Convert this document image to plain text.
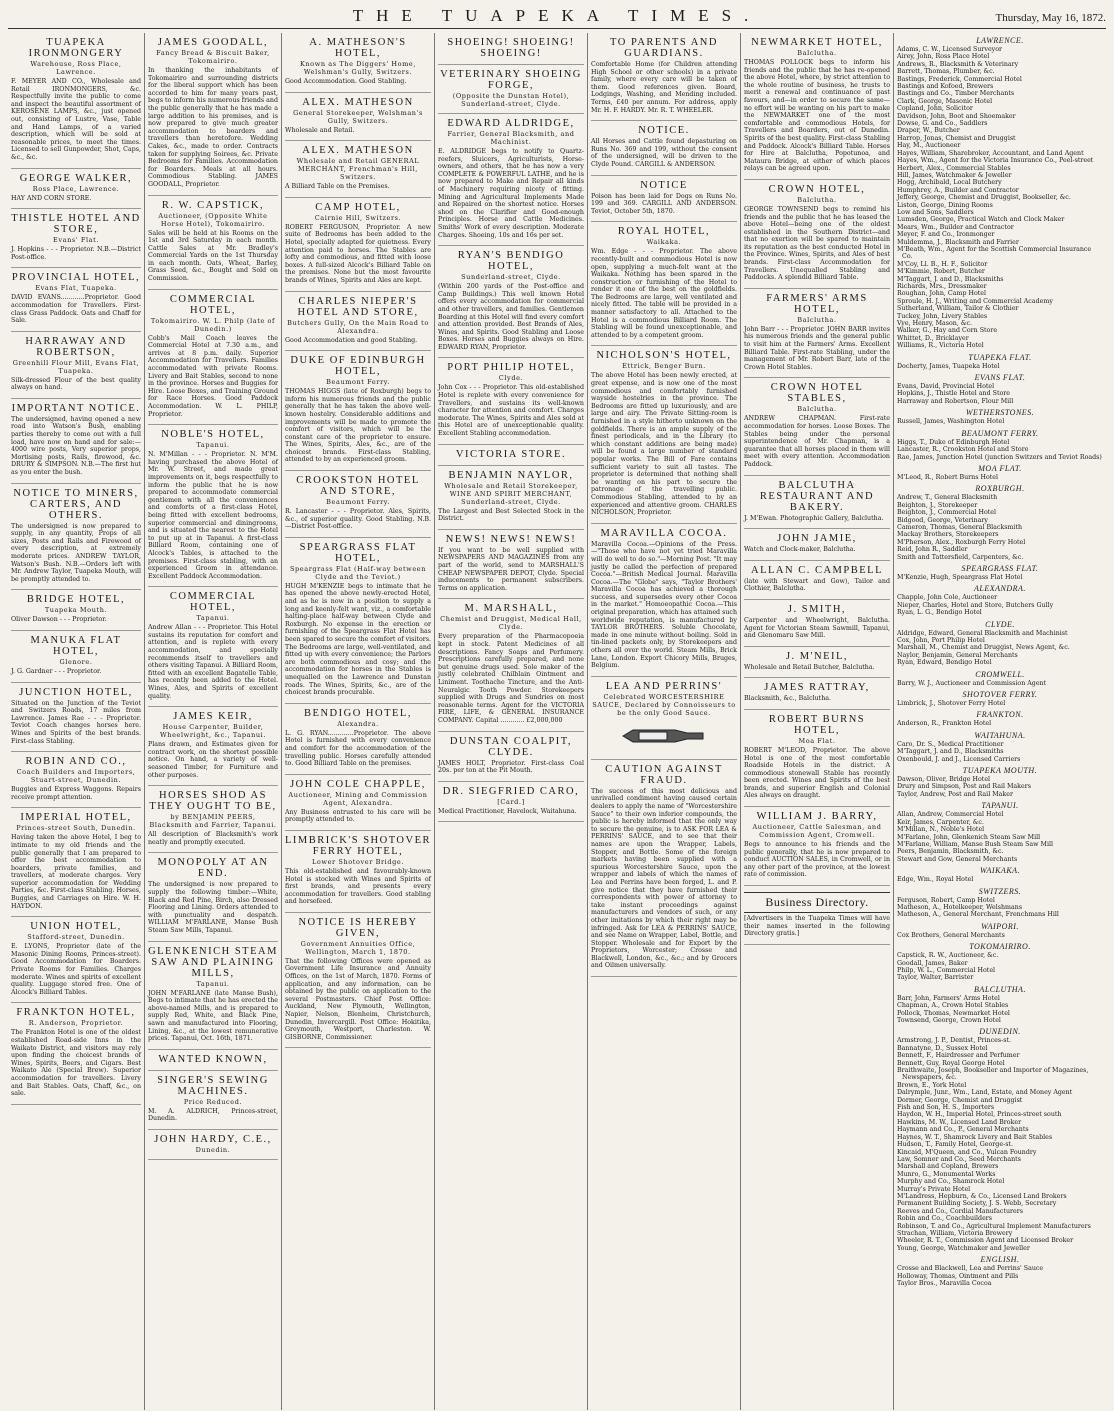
THE TUAPEKA TIMES.	Thursday, May 16, 1872.
TUAPEKA IRONMONGERY
Warehouse, Ross Place, Lawrence.
F. MEYER AND CO., Wholesale and Retail IRONMONGERS, &c. Respectfully invite the public to come and inspect the beautiful assortment of KEROSENE LAMPS, &c., just opened out, consisting of Lustre, Vase, Table and Hand Lamps, of a varied description, which will be sold at reasonable prices, to meet the times. Licensed to sell Gunpowder, Shot, Caps, &c., &c.
GEORGE WALKER,
Ross Place, Lawrence.
HAY AND CORN STORE.
THISTLE HOTEL AND STORE,
Evans' Flat.
J. Hopkins - - - Proprietor. N.B.—District Post-office.
PROVINCIAL HOTEL,
Evans Flat, Tuapeka.
DAVID EVANS............Proprietor. Good accommodation for Travellers. First-class Grass Paddock. Oats and Chaff for Sale.
HARRAWAY AND ROBERTSON,
Greenhill Flour Mill, Evans Flat, Tuapeka.
Silk-dressed Flour of the best quality always on hand.
IMPORTANT NOTICE.
The undersigned, having opened a new road into Watson's Bush, enabling parties thereby to come out with a full load, have now on hand and for sale:— 4000 wire posts, Very superior props, Mortising posts, Rails, firewood, &c. DRURY & SIMPSON. N.B.—The first hut as you enter the bush.
NOTICE TO MINERS, CARTERS, AND OTHERS.
The undersigned is now prepared to supply, in any quantity, Props of all sizes, Posts and Rails and Firewood of every description, at extremely moderate prices. ANDREW TAYLOR, Watson's Bush. N.B.—Orders left with Mr. Andrew Taylor, Tuapeka Mouth, will be promptly attended to.
BRIDGE HOTEL,
Tuapeka Mouth.
Oliver Dawson - - - Proprietor.
MANUKA FLAT HOTEL,
Glenore.
J. G. Gardner - - - Proprietor.
JUNCTION HOTEL,
Situated on the Junction of the Teviot and Switzers Roads, 17 miles from Lawrence. James Rae - - - Proprietor. Teviot Coach changes horses here. Wines and Spirits of the best brands. First-class Stabling.
ROBIN AND CO.,
Coach Builders and Importers, Stuart-street, Dunedin.
Buggies and Express Waggons. Repairs receive prompt attention.
IMPERIAL HOTEL,
Princes-street South, Dunedin.
Having taken the above Hotel, I beg to intimate to my old friends and the public generally that I am prepared to offer the best accommodation to boarders, private families, and travellers, at moderate charges. Very superior accommodation for Wedding Parties, &c. First-class Stabling. Horses, Buggies, and Carriages on Hire. W. H. HAYDON.
UNION HOTEL,
Stafford-street, Dunedin.
E. LYONS, Proprietor (late of the Masonic Dining Rooms, Princes-street). Good Accommodation for Boarders. Private Rooms for Families. Charges moderate. Wines and spirits of excellent quality. Luggage stored free. One of Alcock's Billiard Tables.
FRANKTON HOTEL,
R. Anderson, Proprietor.
The Frankton Hotel is one of the oldest established Road-side Inns in the Waikato District, and visitors may rely upon finding the choicest brands of Wines, Spirits, Beers, and Cigars. Best Waikato Ale (Special Brew). Superior accommodation for travellers. Livery and Bait Stables. Oats, Chaff, &c., on sale.
JAMES GOODALL,
Fancy Bread & Biscuit Baker, Tokomairiro.
In thanking the inhabitants of Tokomairiro and surrounding districts for the liberal support which has been accorded to him for many years past, begs to inform his numerous friends and the public generally that he has made a large addition to his premises, and is now prepared to give much greater accommodation to boarders and travellers than heretofore. Wedding Cakes, &c., made to order. Contracts taken for supplying Soirees, &c. Private Bedrooms for Families. Accommodation for Boarders. Meals at all hours. Commodious Stabling. JAMES GOODALL, Proprietor.
R. W. CAPSTICK,
Auctioneer, (Opposite White Horse Hotel), Tokomairiro.
Sales will be held at his Rooms on the 1st and 3rd Saturday in each month. Cattle Sales at Mr. Bradley's Commercial Yards on the 1st Thursday in each month. Oats, Wheat, Barley, Grass Seed, &c., Bought and Sold on Commission.
COMMERCIAL HOTEL,
Tokomairiro. W. L. Philp (late of Dunedin.)
Cobb's Mail Coach leaves the Commercial Hotel at 7.30 a.m., and arrives at 8 p.m. daily. Superior Accommodation for Travellers. Families accommodated with private Rooms. Livery and Bait Stables, second to none in the province. Horses and Buggies for Hire. Loose Boxes, and Training Ground for Race Horses. Good Paddock Accommodation. W. L. PHILP, Proprietor.
NOBLE'S HOTEL,
Tapanui.
N. M'Millan - - - Proprietor. N. M'M. having purchased the above Hotel of Mr. W. Street, and made great improvements on it, begs respectfully to inform the public that he is now prepared to accommodate commercial gentlemen with all the conveniences and comforts of a first-class Hotel, being fitted with excellent bedrooms, superior commercial and diningrooms, and is situated the nearest to the Hotel to put up at in Tapanui. A first-class Billiard Room, containing one of Alcock's Tables, is attached to the premises. First-class stabling, with an experienced Groom in attendance. Excellent Paddock Accommodation.
COMMERCIAL HOTEL,
Tapanui.
Andrew Allan - - - Proprietor. This Hotel sustains its reputation for comfort and attention, and is replete with every accommodation, and specially recommends itself to travellers and others visiting Tapanui. A Billiard Room, fitted with an excellent Bagatelle Table, has recently been added to the Hotel. Wines, Ales, and Spirits of excellent quality.
JAMES KEIR,
House Carpenter, Builder, Wheelwright, &c., Tapanui.
Plans drawn, and Estimates given for contract work, on the shortest possible notice. On hand, a variety of well-seasoned Timber, for Furniture and other purposes.
HORSES SHOD AS THEY OUGHT TO BE,
by BENJAMIN PEERS, Blacksmith and Farrier, Tapanui.
All description of Blacksmith's work neatly and promptly executed.
MONOPOLY AT AN END.
The undersigned is now prepared to supply the following timber:—White, Black and Red Pine, Birch, also Dressed Flooring and Lining. Orders attended to with punctuality and despatch. WILLIAM M'FARLANE, Manse Bush Steam Saw Mills, Tapanui.
GLENKENICH STEAM SAW AND PLAINING MILLS,
Tapanui.
JOHN M'FARLANE (late Manse Bush), Begs to intimate that he has erected the above-named Mills, and is prepared to supply Red, White, and Black Pine, sawn and manufactured into Flooring, Lining, &c., at the lowest remunerative prices. Tapanui, Oct. 16th, 1871.
WANTED KNOWN,
SINGER'S SEWING MACHINES.
Price Reduced.
M. A. ALDRICH, Princes-street, Dunedin.
JOHN HARDY, C.E.,
Dunedin.
A. MATHESON'S HOTEL,
Known as The Diggers' Home, Welshman's Gully, Switzers.
Good Accommodation. Good Stabling.
ALEX. MATHESON
General Storekeeper, Welshman's Gully, Switzers.
Wholesale and Retail.
ALEX. MATHESON
Wholesale and Retail GENERAL MERCHANT, Frenchman's Hill, Switzers.
A Billiard Table on the Premises.
CAMP HOTEL,
Cairnie Hill, Switzers.
ROBERT FERGUSON, Proprietor. A new suite of Bedrooms has been added to the Hotel, specially adapted for quietness. Every attention paid to horses. The Stables are lofty and commodious, and fitted with loose boxes. A full-sized Alcock's Billiard Table on the premises. None but the most favourite brands of Wines, Spirits and Ales are kept.
CHARLES NIEPER'S HOTEL AND STORE,
Butchers Gully, On the Main Road to Alexandra.
Good Accommodation and good Stabling.
DUKE OF EDINBURGH HOTEL,
Beaumont Ferry.
THOMAS HIGGS (late of Roxburgh) begs to inform his numerous friends and the public generally that he has taken the above well-known hostelry. Considerable additions and improvements will be made to promote the comfort of visitors, which will be the constant care of the proprietor to ensure. The Wines, Spirits, Ales, &c., are of the choicest brands. First-class Stabling, attended to by an experienced groom.
CROOKSTON HOTEL AND STORE,
Beaumont Ferry.
R. Lancaster - - - Proprietor. Ales, Spirits, &c., of superior quality. Good Stabling. N.B.—District Post-office.
SPEARGRASS FLAT HOTEL,
Speargrass Flat (Half-way between Clyde and the Teviot.)
HUGH M'KENZIE begs to intimate that he has opened the above newly-erected Hotel, and as he is now in a position to supply a long and keenly-felt want, viz., a comfortable halting-place half-way between Clyde and Roxburgh. No expense in the erection or furnishing of the Speargrass Flat Hotel has been spared to secure the comfort of visitors. The Bedrooms are large, well-ventilated, and fitted up with every convenience; the Parlors are both commodious and cosy; and the accommodation for horses in the Stables is unequalled on the Lawrence and Dunstan roads. The Wines, Spirits, &c., are of the choicest brands procurable.
BENDIGO HOTEL,
Alexandra.
L. G. RYAN.............Proprietor. The above Hotel is furnished with every convenience and comfort for the accommodation of the travelling public. Horses carefully attended to. Good Billiard Table on the premises.
JOHN COLE CHAPPLE,
Auctioneer, Mining and Commission Agent, Alexandra.
Any Business entrusted to his care will be promptly attended to.
LIMBRICK'S SHOTOVER FERRY HOTEL,
Lower Shotover Bridge.
This old-established and favourably-known Hotel is stocked with Wines and Spirits of first brands, and presents every accommodation for travellers. Good stabling and horsefeed.
NOTICE IS HEREBY GIVEN,
Government Annuities Office, Wellington, March 1, 1870.
That the following Offices were opened as Government Life Insurance and Annuity Offices, on the 1st of March, 1870. Forms of application, and any information, can be obtained by the public on application to the several Postmasters. Chief Post Office: Auckland, New Plymouth, Wellington, Napier, Nelson, Blenheim, Christchurch, Dunedin, Invercargill. Post Office: Hokitika, Greymouth, Westport, Charleston. W. GISBORNE, Commissioner.
SHOEING! SHOEING! SHOEING!
VETERINARY SHOEING FORGE,
(Opposite the Dunstan Hotel), Sunderland-street, Clyde.
EDWARD ALDRIDGE,
Farrier, General Blacksmith, and Machinist.
E. ALDRIDGE begs to notify to Quartz-reefers, Sluicers, Agriculturists, Horse-owners, and others, that he has now a very COMPLETE & POWERFUL LATHE, and he is now prepared to Make and Repair all kinds of Machinery requiring nicety of fitting. Mining and Agricultural Implements Made and Repaired on the shortest notice. Horses shod on the Clarifier and Good-enough Principles. Horse and Cattle Medicines. Smiths' Work of every description. Moderate Charges. Shoeing, 10s and 16s per set.
RYAN'S BENDIGO HOTEL,
Sunderland-street, Clyde.
(Within 200 yards of the Post-office and Camp Buildings.) This well known Hotel offers every accommodation for commercial and other travellers, and families. Gentlemen Boarding at this Hotel will find every comfort and attention provided. Best Brands of Ales, Wines, and Spirits. Good Stabling and Loose Boxes. Horses and Buggies always on Hire. EDWARD RYAN, Proprietor.
PORT PHILIP HOTEL,
Clyde.
John Cox - - - Proprietor. This old-established Hotel is replete with every convenience for Travellers, and sustains its well-known character for attention and comfort. Charges moderate. The Wines, Spirits and Ales sold at this Hotel are of unexceptionable quality. Excellent Stabling accommodation.
VICTORIA STORE.
BENJAMIN NAYLOR,
Wholesale and Retail Storekeeper, WINE AND SPIRIT MERCHANT, Sunderland-street, Clyde.
The Largest and Best Selected Stock in the District.
NEWS! NEWS! NEWS!
If you want to be well supplied with NEWSPAPERS AND MAGAZINES from any part of the world, send to MARSHALL'S CHEAP NEWSPAPER DEPOT, Clyde. Special inducements to permanent subscribers. Terms on application.
M. MARSHALL,
Chemist and Druggist, Medical Hall, Clyde.
Every preparation of the Pharmacopoeia kept in stock. Patent Medicines of all descriptions. Fancy Soaps and Perfumery. Prescriptions carefully prepared, and none but genuine drugs used. Sole maker of the justly celebrated Chilblain Ointment and Liniment. Toothache Tincture, and the Anti-Neuralgic Tooth Powder. Storekeepers supplied with Drugs and Sundries on most reasonable terms. Agent for the VICTORIA FIRE, LIFE, & GENERAL INSURANCE COMPANY. Capital ............ £2,000,000
DUNSTAN COALPIT, CLYDE.
JAMES HOLT, Proprietor. First-class Coal 20s. per ton at the Pit Mouth.
DR. SIEGFRIED CARO,
[Card.]
Medical Practitioner, Havelock, Waitahuna.
TO PARENTS AND GUARDIANS.
Comfortable Home (for Children attending High School or other schools) in a private family, where every care will be taken of them. Good references given. Board, Lodgings, Washing, and Mending included. Terms, £40 per annum. For address, apply Mr. H. F. HARDY. Mr. R. T. WHEELER.
NOTICE.
All Horses and Cattle found depasturing on Runs No. 369 and 199, without the consent of the undersigned, will be driven to the Clyde Pound. CARGILL & ANDERSON.
NOTICE
Poison has been laid for Dogs on Runs No. 199 and 369. CARGILL AND ANDERSON. Teviot, October 5th, 1870.
ROYAL HOTEL,
Waikaka.
Wm. Edge - - - Proprietor. The above recently-built and commodious Hotel is now open, supplying a much-felt want at the Waikaka. Nothing has been spared in the construction or furnishing of the Hotel to render it one of the best on the goldfields. The Bedrooms are large, well ventilated and nicely fitted. The table will be provided in a manner satisfactory to all. Attached to the Hotel is a commodious Billiard Room. The Stabling will be found unexceptionable, and attended to by a competent groom.
NICHOLSON'S HOTEL,
Ettrick, Benger Burn.
The above Hotel has been newly erected, at great expense, and is now one of the most commodious and comfortably furnished wayside hostelries in the province. The Bedrooms are fitted up luxuriously, and are large and airy. The Private Sitting-room is furnished in a style hitherto unknown on the goldfields. There is an ample supply of the finest periodicals, and in the Library (to which constant additions are being made) will be found a large number of standard popular works. The Bill of Fare contains sufficient variety to suit all tastes. The proprietor is determined that nothing shall be wanting on his part to secure the patronage of the travelling public. Commodious Stabling, attended to by an experienced and attentive groom. CHARLES NICHOLSON, Proprietor.
MARAVILLA COCOA.
Maravilla Cocoa.—Opinions of the Press.—"Those who have not yet tried Maravilla will do well to do so."—Morning Post. "It may justly be called the perfection of prepared Cocoa."—British Medical Journal. Maravilla Cocoa.—The "Globe" says, "Taylor Brothers' Maravilla Cocoa has achieved a thorough success, and supersedes every other Cocoa in the market." Homoeopathic Cocoa.—This original preparation, which has attained such worldwide reputation, is manufactured by TAYLOR BROTHERS. Soluble Chocolate, made in one minute without boiling. Sold in tin-lined packets only, by Storekeepers and others all over the world. Steam Mills, Brick Lane, London. Export Chicory Mills, Bruges, Belgium.
LEA AND PERRINS'
Celebrated WORCESTERSHIRE SAUCE, Declared by Connoisseurs to be the only Good Sauce.
CAUTION AGAINST FRAUD.
The success of this most delicious and unrivalled condiment having caused certain dealers to apply the name of "Worcestershire Sauce" to their own inferior compounds, the public is hereby informed that the only way to secure the genuine, is to ASK FOR LEA & PERRINS' SAUCE, and to see that their names are upon the Wrapper, Labels, Stopper, and Bottle. Some of the foreign markets having been supplied with a spurious Worcestershire Sauce, upon the wrapper and labels of which the names of Lea and Perrins have been forged, L. and P. give notice that they have furnished their correspondents with power of attorney to take instant proceedings against manufacturers and vendors of such, or any other imitations by which their right may be infringed. Ask for LEA & PERRINS' SAUCE, and see Name on Wrapper, Label, Bottle, and Stopper. Wholesale and for Export by the Proprietors, Worcester; Crosse and Blackwell, London, &c., &c.; and by Grocers and Oilmen universally.
NEWMARKET HOTEL,
Balclutha.
THOMAS POLLOCK begs to inform his friends and the public that he has re-opened the above Hotel, where, by strict attention to the whole routine of business, he trusts to merit a renewal and continuance of past favours, and—in order to secure the same—no effort will be wanting on his part to make the NEWMARKET one of the most comfortable and commodious Hotels, for Travellers and Boarders, out of Dunedin. Spirits of the best quality. First-class Stabling and Paddock. Alcock's Billiard Table. Horses for Hire at Balclutha, Popotunoa, and Mataura Bridge, at either of which places relays can be agreed upon.
CROWN HOTEL,
Balclutha.
GEORGE TOWNSEND begs to remind his friends and the public that he has leased the above Hotel—being one of the oldest established in the Southern District—and that no exertion will be spared to maintain its reputation as the best conducted Hotel in the Province. Wines, Spirits, and Ales of best brands. First-class Accommodation for Travellers. Unequalled Stabling and Paddocks. A splendid Billiard Table.
FARMERS' ARMS HOTEL,
Balclutha.
John Barr - - - Proprietor. JOHN BARR invites his numerous friends and the general public to visit him at the Farmers' Arms. Excellent Billiard Table. First-rate Stabling, under the management of Mr. Robert Barr, late of the Crown Hotel Stables.
CROWN HOTEL STABLES,
Balclutha.
ANDREW CHAPMAN. First-rate accommodation for horses. Loose Boxes. The Stables being under the personal superintendence of Mr. Chapman, is a guarantee that all horses placed in them will meet with every attention. Accommodation Paddock.
BALCLUTHA RESTAURANT AND BAKERY.
J. M'Ewan. Photographic Gallery, Balclutha.
JOHN JAMIE,
Watch and Clock-maker, Balclutha.
ALLAN C. CAMPBELL
(late with Stewart and Gow), Tailor and Clothier, Balclutha.
J. SMITH,
Carpenter and Wheelwright, Balclutha. Agent for Victorian Steam Sawmill, Tapanui, and Glenomaru Saw Mill.
J. M'NEIL,
Wholesale and Retail Butcher, Balclutha.
JAMES RATTRAY,
Blacksmith, &c., Balclutha.
ROBERT BURNS HOTEL,
Moa Flat.
ROBERT M'LEOD, Proprietor. The above Hotel is one of the most comfortable Roadside Hotels in the district. A commodious stonewall Stable has recently been erected. Wines and Spirits of the best brands, and superior English and Colonial Ales always on draught.
WILLIAM J. BARRY,
Auctioneer, Cattle Salesman, and Commission Agent, Cromwell.
Begs to announce to his friends and the public generally, that he is now prepared to conduct AUCTION SALES, in Cromwell, or in any other part of the province, at the lowest rate of commission.
Business Directory.
[Advertisers in the Tuapeka Times will have their names inserted in the following Directory gratis.]
LAWRENCE.
Adams, C. W., Licensed Surveyor
Airey, John, Ross Place Hotel
Andrews, R., Blacksmith & Veterinary
Barrett, Thomas, Plumber, &c.
Bastings, Frederick, Commercial Hotel
Bastings and Kofoed, Brewers
Bastings and Co., Timber Merchants
Clark, George, Masonic Hotel
Copland, John, Solicitor
Davidson, John, Boot and Shoemaker
Dowse, G. and Co., Saddlers
Draper, W., Butcher
Harrop, Jonas, Chemist and Druggist
Hay, M., Auctioneer
Hayes, William, Sharebroker, Accountant, and Land Agent
Hayes, Wm., Agent for the Victoria Insurance Co., Peel-street
Herbert, Alex., Commercial Stables
Hill, James, Watchmaker & Jeweller
Hogg, Archibald, Local Butchery
Humphrey, A., Builder and Contractor
Jeffery, George, Chemist and Druggist, Bookseller, &c.
Liston, George, Dining Rooms
Low and Sons, Saddlers
Lumsden, George, Practical Watch and Clock Maker
Mears, Wm., Builder and Contractor
Meyer, F. and Co., Ironmonger
Muldemma, J., Blacksmith and Farrier
M'Beath, Wm., Agent for the Scottish Commercial Insurance Co.
M'Coy, Ll. B., H. F., Solicitor
M'Kimmie, Robert, Butcher
M'Taggart, J. and D., Blacksmiths
Richards, Mrs., Dressmaker
Roughan, John, Camp Hotel
Sproule, H. J., Writing and Commercial Academy
Sutherland, William, Tailor & Clothier
Tuckey, John, Livery Stables
Vye, Henry, Mason, &c.
Walker, G., Hay and Corn Store
Whittet, D., Bricklayer
Williams, R., Victoria Hotel
TUAPEKA FLAT.
Docherty, James, Tuapeka Hotel
EVANS FLAT.
Evans, David, Provincial Hotel
Hopkins, J., Thistle Hotel and Store
Harraway and Robertson, Flour Mill
WETHERSTONES.
Russell, James, Washington Hotel
BEAUMONT FERRY.
Higgs, T., Duke of Edinburgh Hotel
Lancaster, R., Crookston Hotel and Store
Rae, James, Junction Hotel (junction Switzers and Teviot Roads)
MOA FLAT.
M'Leod, R., Robert Burns Hotel
ROXBURGH.
Andrew, T., General Blacksmith
Beighton, J., Storekeeper
Beighton, J., Commercial Hotel
Bidgood, George, Veterinary
Cameron, Thomas, General Blacksmith
Mackay Brothers, Storekeepers
M'Pherson, Alex., Roxburgh Ferry Hotel
Reid, John R., Saddler
Smith and Tattersfield, Carpenters, &c.
SPEARGRASS FLAT.
M'Kenzie, Hugh, Speargrass Flat Hotel
ALEXANDRA.
Chapple, John Cole, Auctioneer
Nieper, Charles, Hotel and Store, Butchers Gully
Ryan, L. G., Bendigo Hotel
CLYDE.
Aldridge, Edward, General Blacksmith and Machinist
Cox, John, Port Philip Hotel
Marshall, M., Chemist and Druggist, News Agent, &c.
Naylor, Benjamin, General Merchants
Ryan, Edward, Bendigo Hotel
CROMWELL.
Barry, W. J., Auctioneer and Commission Agent
SHOTOVER FERRY.
Limbrick, J., Shotover Ferry Hotel
FRANKTON.
Anderson, R., Frankton Hotel
WAITAHUNA.
Caro, Dr. S., Medical Practitioner
M'Taggart, J. and D., Blacksmiths
Oxenbould, J. and J., Licensed Carriers
TUAPEKA MOUTH.
Dawson, Oliver, Bridge Hotel
Drury and Simpson, Post and Rail Makers
Taylor, Andrew, Post and Rail Maker
TAPANUI.
Allan, Andrew, Commercial Hotel
Keir, James, Carpenter, &c.
M'Millan, N., Noble's Hotel
M'Farlane, John, Glenkenich Steam Saw Mill
M'Farlane, William, Manse Bush Steam Saw Mill
Peers, Benjamin, Blacksmith, &c.
Stewart and Gow, General Merchants
WAIKAKA.
Edge, Wm., Royal Hotel
SWITZERS.
Ferguson, Robert, Camp Hotel
Matheson, A., Hotelkeeper, Welshmans
Matheson, A., General Merchant, Frenchmans Hill
WAIPORI.
Cox Brothers, General Merchants
TOKOMAIRIRO.
Capstick, R. W., Auctioneer, &c.
Goodall, James, Baker
Philp, W. L., Commercial Hotel
Taylor, Walter, Barrister
BALCLUTHA.
Barr, John, Farmers' Arms Hotel
Chapman, A., Crown Hotel Stables
Pollock, Thomas, Newmarket Hotel
Townsend, George, Crown Hotel
DUNEDIN.
Armstrong, J. P., Dentist, Princes-st.
Bannatyne, D., Sussex Hotel
Bennett, F., Hairdresser and Perfumer
Bennett, Guy, Royal George Hotel
Braithwaite, Joseph, Bookseller and Importer of Magazines, Newspapers, &c.
Brown, E., York Hotel
Dalrymple, Junr., Wm., Land, Estate, and Money Agent
Dormer, George, Chemist and Druggist
Fish and Son, H. S., Importers
Haydon, W. H., Imperial Hotel, Princes-street south
Hawkins, M. W., Licensed Land Broker
Haymann and Co., P., General Merchants
Haynes, W. T., Shamrock Livery and Bait Stables
Hudson, T., Family Hotel, George-st.
Kincaid, M'Queen, and Co., Vulcan Foundry
Law, Somner and Co., Seed Merchants
Marshall and Copland, Brewers
Munro, G., Monumental Works
Murphy and Co., Shamrock Hotel
Murray's Private Hotel
M'Landress, Hepburn, & Co., Licensed Land Brokers
Permanent Building Society, J. S. Webb, Secretary
Reeves and Co., Cordial Manufacturers
Robin and Co., Coachbuilders
Robinson, T. and Co., Agricultural Implement Manufacturers
Strachan, William, Victoria Brewery
Wheeler, R. T., Commission Agent and Licensed Broker
Young, George, Watchmaker and Jeweller
ENGLISH.
Crosse and Blackwell, Lea and Perrins' Sauce
Holloway, Thomas, Ointment and Pills
Taylor Bros., Maravilla Cocoa
